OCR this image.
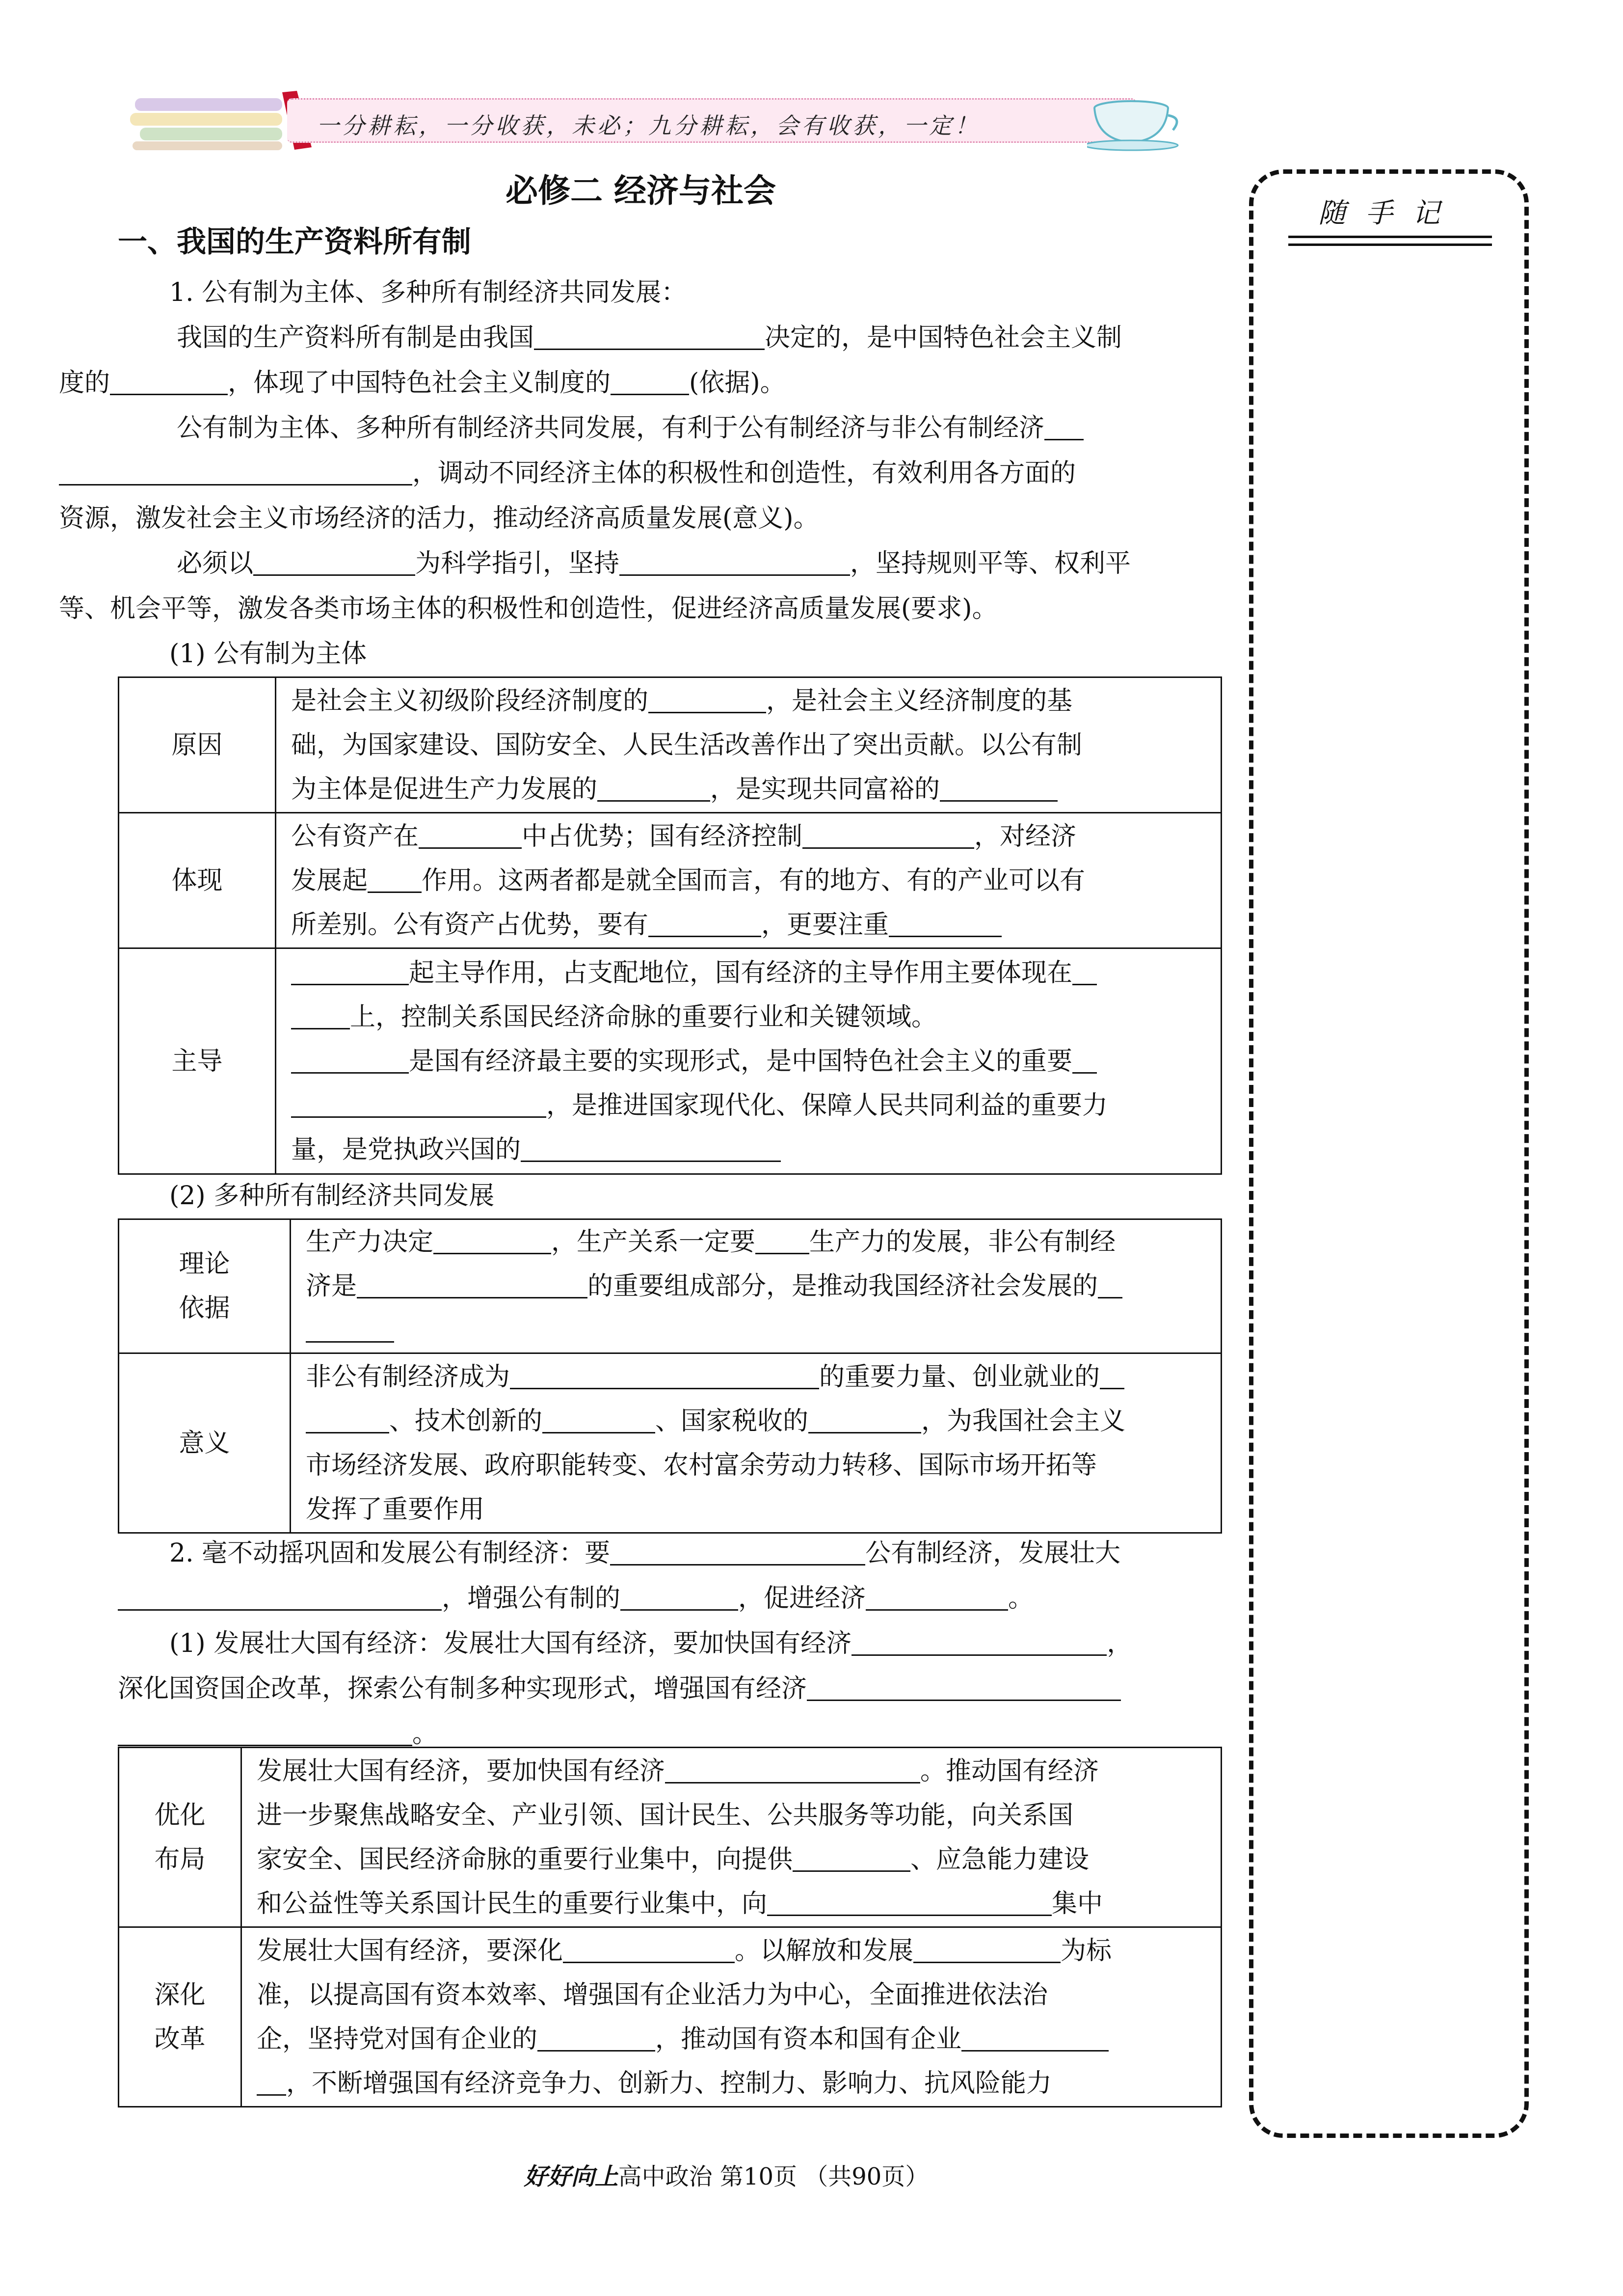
一分耕耘，一分收获，未必；九分耕耘，会有收获，一定！
必修二 经济与社会
一、我国的生产资料所有制
1. 公有制为主体、多种所有制经济共同发展：
我国的生产资料所有制是由我国	决定的，是中国特色社会主义制
度的	，体现了中国特色社会主义制度的	(依据)。
公有制为主体、多种所有制经济共同发展，有利于公有制经济与非公有制经济
，调动不同经济主体的积极性和创造性，有效利用各方面的
资源，激发社会主义市场经济的活力，推动经济高质量发展(意义)。
必须以	为科学指引，坚持	，坚持规则平等、权利平
等、机会平等，激发各类市场主体的积极性和创造性，促进经济高质量发展(要求)。
(1) 公有制为主体
原因	是社会主义初级阶段经济制度的 ，是社会主义经济制度的基
础，为国家建设、国防安全、人民生活改善作出了突出贡献。以公有制
为主体是促进生产力发展的 ，是实现共同富裕的
体现	公有资产在 中占优势；国有经济控制 ，对经济
发展起 作用。这两者都是就全国而言，有的地方、有的产业可以有
所差别。公有资产占优势，要有 ，更要注重
主导	起主导作用，占支配地位，国有经济的主导作用主要体现在
上，控制关系国民经济命脉的重要行业和关键领域。
是国有经济最主要的实现形式，是中国特色社会主义的重要
，是推进国家现代化、保障人民共同利益的重要力
量，是党执政兴国的
(2) 多种所有制经济共同发展
理论
依据	生产力决定 ，生产关系一定要 生产力的发展，非公有制经
济是 的重要组成部分，是推动我国经济社会发展的

意义	非公有制经济成为 的重要力量、创业就业的
、技术创新的 、国家税收的 ，为我国社会主义
市场经济发展、政府职能转变、农村富余劳动力转移、国际市场开拓等
发挥了重要作用
2. 毫不动摇巩固和发展公有制经济：要	公有制经济，发展壮大
，增强公有制的	，促进经济	。
(1) 发展壮大国有经济：发展壮大国有经济，要加快国有经济	，
深化国资国企改革，探索公有制多种实现形式，增强国有经济
。
优化
布局	发展壮大国有经济，要加快国有经济 。推动国有经济
进一步聚焦战略安全、产业引领、国计民生、公共服务等功能，向关系国
家安全、国民经济命脉的重要行业集中，向提供 、应急能力建设
和公益性等关系国计民生的重要行业集中，向 集中
深化
改革	发展壮大国有经济，要深化 。以解放和发展 为标
准，以提高国有资本效率、增强国有企业活力为中心，全面推进依法治
企，坚持党对国有企业的 ，推动国有资本和国有企业
，不断增强国有经济竞争力、创新力、控制力、影响力、抗风险能力
随手记
好好向上高中政治 第10页 （共90页）
